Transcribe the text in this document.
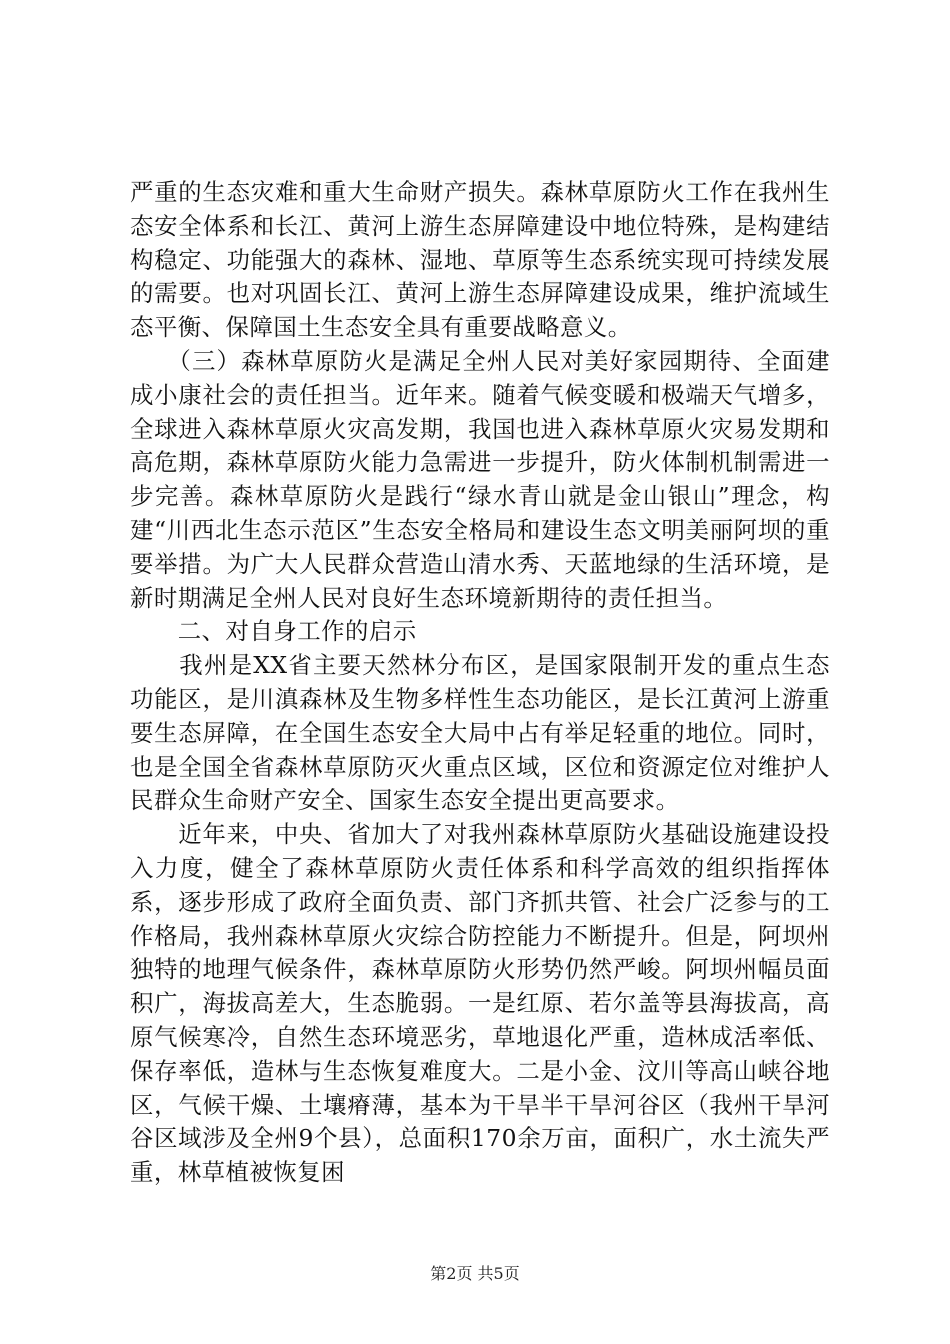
严重的生态灾难和重大生命财产损失。森林草原防火工作在我州生态安全体系和长江、黄河上游生态屏障建设中地位特殊，是构建结构稳定、功能强大的森林、湿地、草原等生态系统实现可持续发展的需要。也对巩固长江、黄河上游生态屏障建设成果，维护流域生态平衡、保障国土生态安全具有重要战略意义。

　　（三）森林草原防火是满足全州人民对美好家园期待、全面建成小康社会的责任担当。近年来。随着气候变暖和极端天气增多，全球进入森林草原火灾高发期，我国也进入森林草原火灾易发期和高危期，森林草原防火能力急需进一步提升，防火体制机制需进一步完善。森林草原防火是践行“绿水青山就是金山银山”理念，构建“川西北生态示范区”生态安全格局和建设生态文明美丽阿坝的重要举措。为广大人民群众营造山清水秀、天蓝地绿的生活环境，是新时期满足全州人民对良好生态环境新期待的责任担当。

　　二、对自身工作的启示

　　我州是XX省主要天然林分布区，是国家限制开发的重点生态功能区，是川滇森林及生物多样性生态功能区，是长江黄河上游重要生态屏障，在全国生态安全大局中占有举足轻重的地位。同时，也是全国全省森林草原防灭火重点区域，区位和资源定位对维护人民群众生命财产安全、国家生态安全提出更高要求。

　　近年来，中央、省加大了对我州森林草原防火基础设施建设投入力度，健全了森林草原防火责任体系和科学高效的组织指挥体系，逐步形成了政府全面负责、部门齐抓共管、社会广泛参与的工作格局，我州森林草原火灾综合防控能力不断提升。但是，阿坝州独特的地理气候条件，森林草原防火形势仍然严峻。阿坝州幅员面积广，海拔高差大，生态脆弱。一是红原、若尔盖等县海拔高，高原气候寒冷，自然生态环境恶劣，草地退化严重，造林成活率低、保存率低，造林与生态恢复难度大。二是小金、汶川等高山峡谷地区，气候干燥、土壤瘠薄，基本为干旱半干旱河谷区（我州干旱河谷区域涉及全州9个县），总面积170余万亩，面积广，水土流失严重，林草植被恢复困

第2页 共5页
